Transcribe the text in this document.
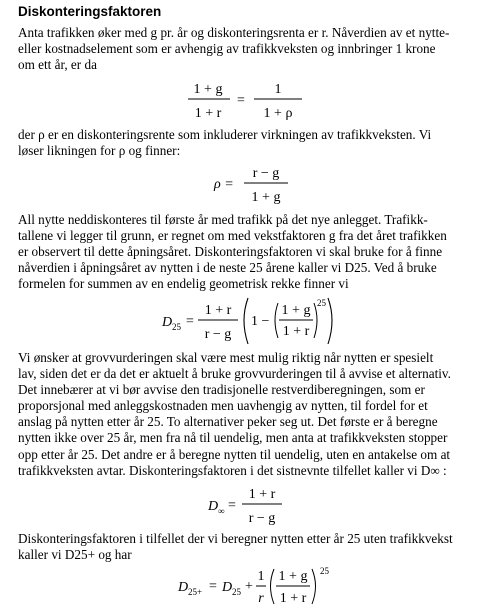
Diskonteringsfaktoren
Anta trafikken øker med g pr. år og diskonteringsrenta er r. Nåverdien av et nytte-
eller kostnadselement som er avhengig av trafikkveksten og innbringer 1 krone
om ett år, er da
1 + g
1 + r
=
1
1 + ρ
der ρ er en diskonteringsrente som inkluderer virkningen av trafikkveksten. Vi
løser likningen for ρ og finner:
ρ =
r − g
1 + g
All nytte neddiskonteres til første år med trafikk på det nye anlegget. Trafikk-
tallene vi legger til grunn, er regnet om med vekstfaktoren g fra det året trafikken
er observert til dette åpningsåret. Diskonteringsfaktoren vi skal bruke for å finne
nåverdien i åpningsåret av nytten i de neste 25 årene kaller vi D25. Ved å bruke
formelen for summen av en endelig geometrisk rekke finner vi
D 25 =
1 + r
r − g
1 −
1 + g
1 + r
25
Vi ønsker at grovvurderingen skal være mest mulig riktig når nytten er spesielt
lav, siden det er da det er aktuelt å bruke grovvurderingen til å avvise et alternativ.
Det innebærer at vi bør avvise den tradisjonelle restverdiberegningen, som er
proporsjonal med anleggskostnaden men uavhengig av nytten, til fordel for et
anslag på nytten etter år 25. To alternativer peker seg ut. Det første er å beregne
nytten ikke over 25 år, men fra nå til uendelig, men anta at trafikkveksten stopper
opp etter år 25. Det andre er å beregne nytten til uendelig, uten en antakelse om at
trafikkveksten avtar. Diskonteringsfaktoren i det sistnevnte tilfellet kaller vi D∞ :
D ∞ =
1 + r
r − g
Diskonteringsfaktoren i tilfellet der vi beregner nytten etter år 25 uten trafikkvekst
kaller vi D25+ og har
D 25+ = D 25 +
1
r
1 + g
1 + r
25
